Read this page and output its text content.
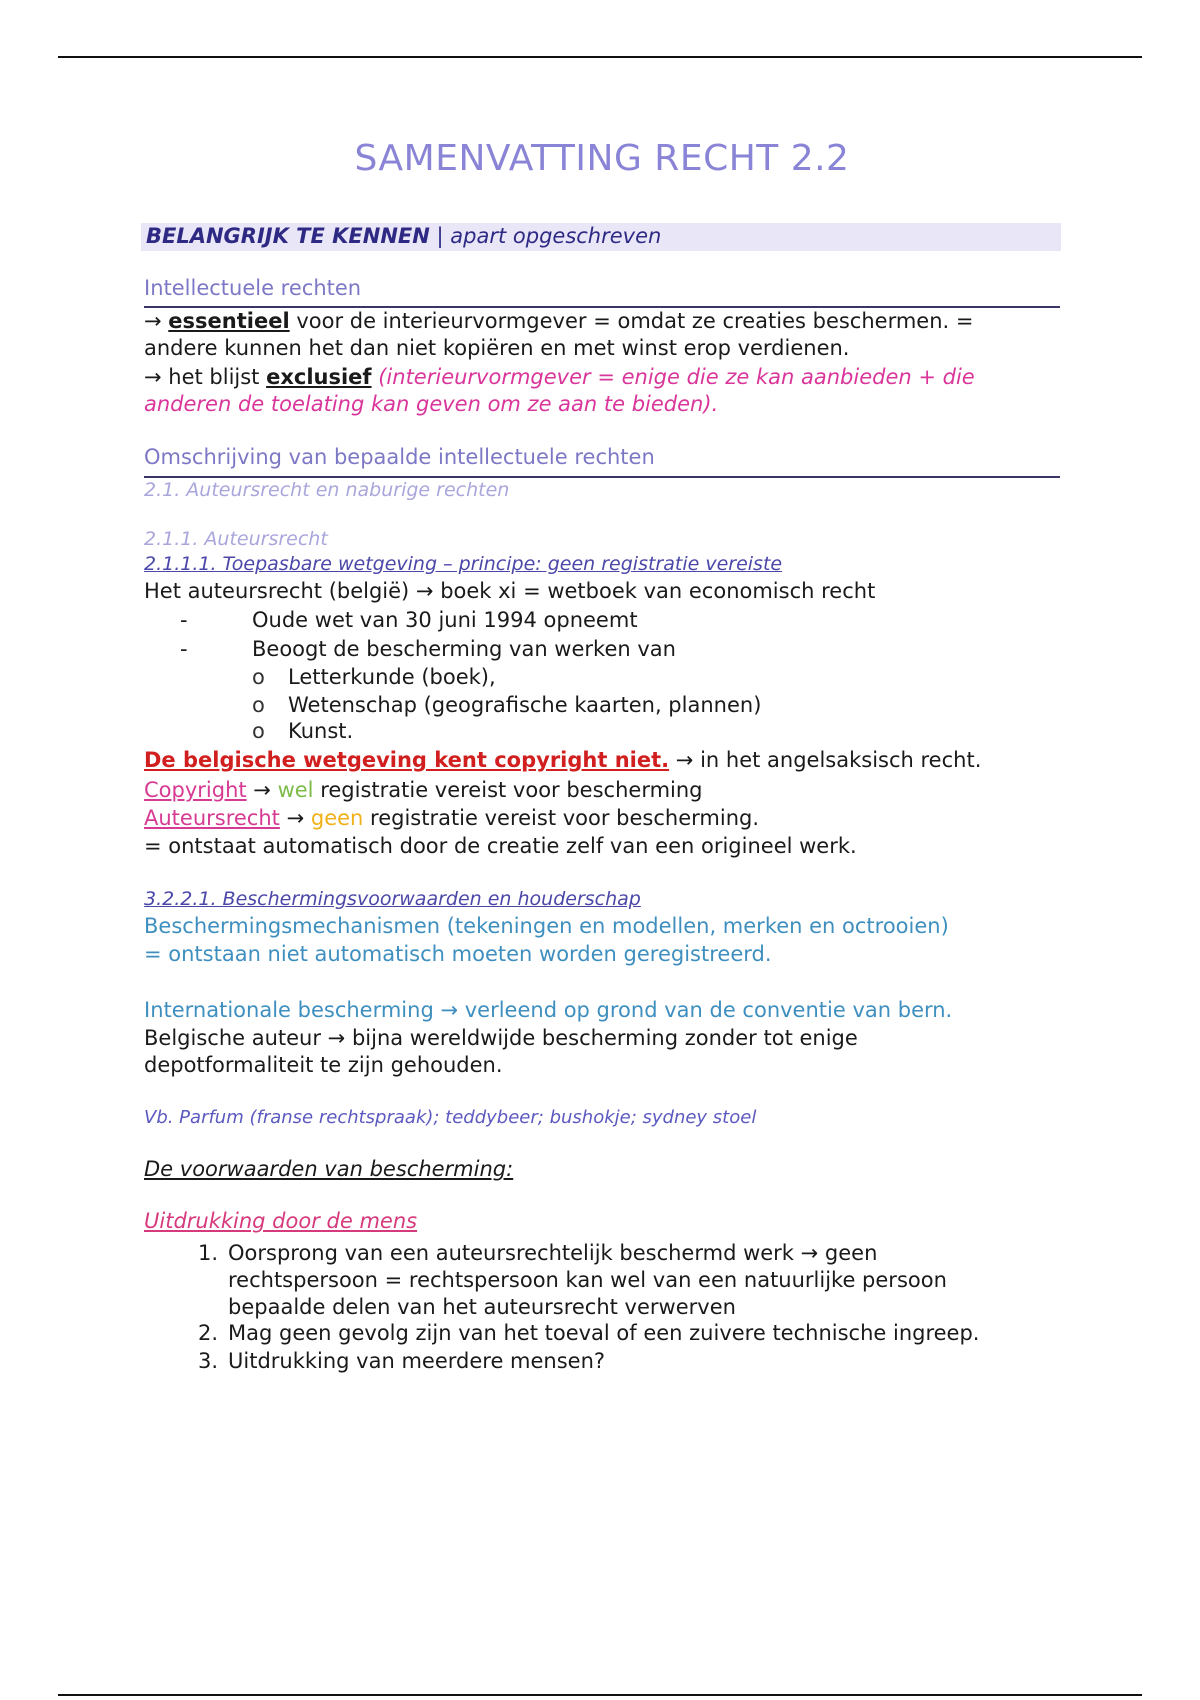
SAMENVATTING RECHT 2.2
BELANGRIJK TE KENNEN | apart opgeschreven
Intellectuele rechten
→ essentieel voor de interieurvormgever = omdat ze creaties beschermen. =
andere kunnen het dan niet kopiëren en met winst erop verdienen.
→ het blijst exclusief (interieurvormgever = enige die ze kan aanbieden + die
anderen de toelating kan geven om ze aan te bieden).
Omschrijving van bepaalde intellectuele rechten
2.1. Auteursrecht en naburige rechten
2.1.1. Auteursrecht
2.1.1.1. Toepasbare wetgeving – principe: geen registratie vereiste
Het auteursrecht (belgië) → boek xi = wetboek van economisch recht
-	Oude wet van 30 juni 1994 opneemt
-	Beoogt de bescherming van werken van
o Letterkunde (boek),
o Wetenschap (geografische kaarten, plannen)
o Kunst.
De belgische wetgeving kent copyright niet. → in het angelsaksisch recht.
Copyright → wel registratie vereist voor bescherming
Auteursrecht → geen registratie vereist voor bescherming.
= ontstaat automatisch door de creatie zelf van een origineel werk.
3.2.2.1. Beschermingsvoorwaarden en houderschap
Beschermingsmechanismen (tekeningen en modellen, merken en octrooien)
= ontstaan niet automatisch moeten worden geregistreerd.
Internationale bescherming → verleend op grond van de conventie van bern.
Belgische auteur → bijna wereldwijde bescherming zonder tot enige
depotformaliteit te zijn gehouden.
Vb. Parfum (franse rechtspraak); teddybeer; bushokje; sydney stoel
De voorwaarden van bescherming:
Uitdrukking door de mens
1. Oorsprong van een auteursrechtelijk beschermd werk → geen
rechtspersoon = rechtspersoon kan wel van een natuurlijke persoon
bepaalde delen van het auteursrecht verwerven
2. Mag geen gevolg zijn van het toeval of een zuivere technische ingreep.
3. Uitdrukking van meerdere mensen?
